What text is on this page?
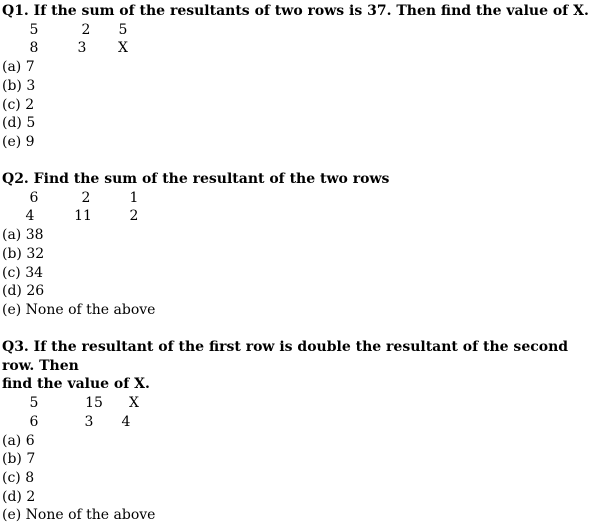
Q1. If the sum of the resultants of two rows is 37. Then find the value of X.

5	2	5
8	3	X
(a) 7
(b) 3
(c) 2
(d) 5
(e) 9

Q2. Find the sum of the resultant of the two rows

6	2	1
4	11	2
(a) 38
(b) 32
(c) 34
(d) 26
(e) None of the above

Q3. If the resultant of the first row is double the resultant of the second row. Then

find the value of X.

5	15	X
6	3	4
(a) 6
(b) 7
(c) 8
(d) 2
(e) None of the above
